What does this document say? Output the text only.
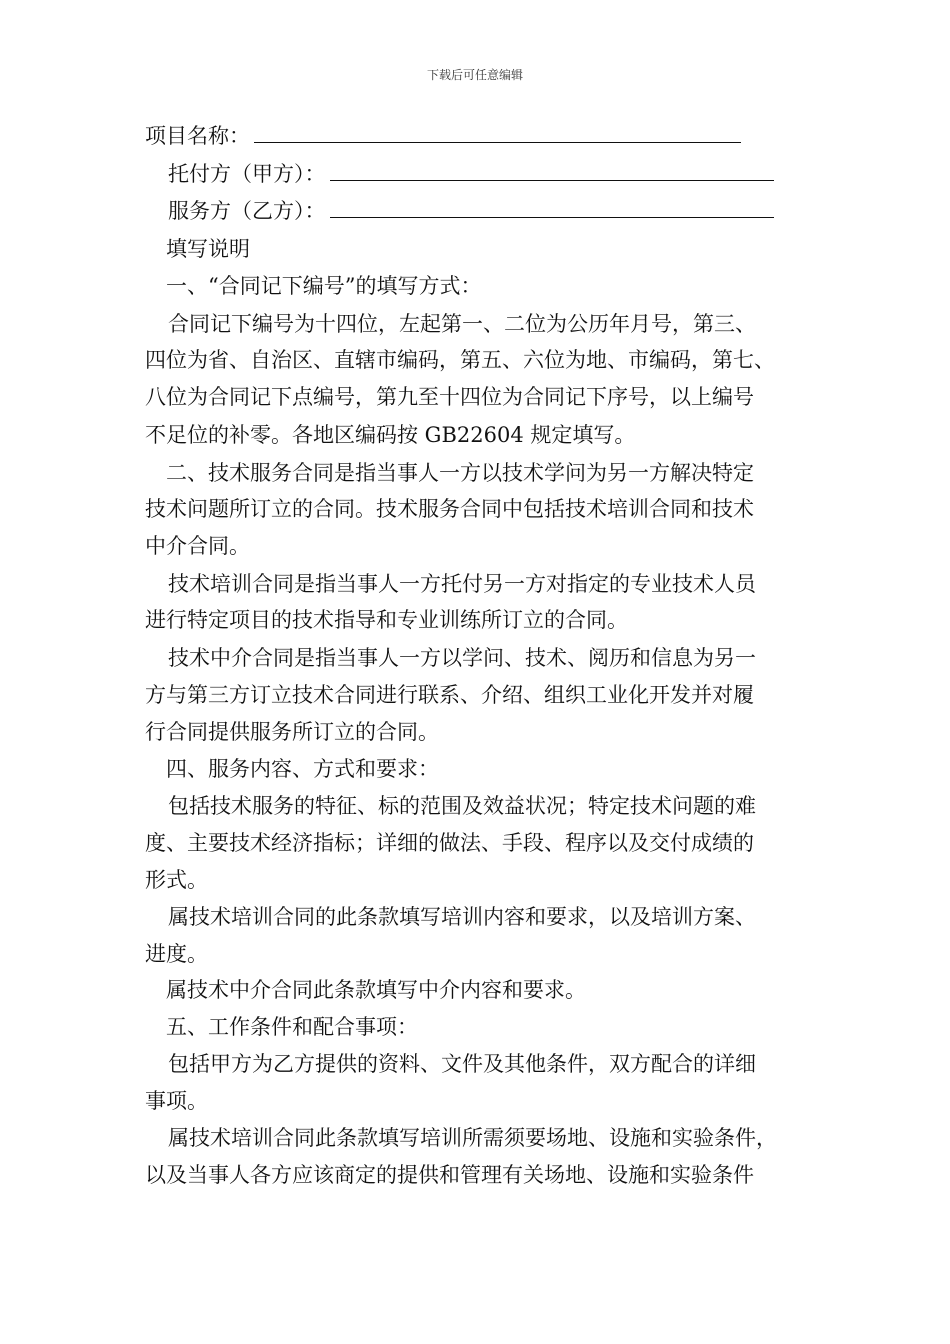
下载后可任意编辑
项目名称：
托付方（甲方）：
服务方（乙方）：
填写说明
一、“合同记下编号”的填写方式：
合同记下编号为十四位，左起第一、二位为公历年月号，第三、
四位为省、自治区、直辖市编码，第五、六位为地、市编码，第七、
八位为合同记下点编号，第九至十四位为合同记下序号，以上编号
不足位的补零。各地区编码按 GB22604 规定填写。
二、技术服务合同是指当事人一方以技术学问为另一方解决特定
技术问题所订立的合同。技术服务合同中包括技术培训合同和技术
中介合同。
技术培训合同是指当事人一方托付另一方对指定的专业技术人员
进行特定项目的技术指导和专业训练所订立的合同。
技术中介合同是指当事人一方以学问、技术、阅历和信息为另一
方与第三方订立技术合同进行联系、介绍、组织工业化开发并对履
行合同提供服务所订立的合同。
四、服务内容、方式和要求：
包括技术服务的特征、标的范围及效益状况；特定技术问题的难
度、主要技术经济指标；详细的做法、手段、程序以及交付成绩的
形式。
属技术培训合同的此条款填写培训内容和要求，以及培训方案、
进度。
属技术中介合同此条款填写中介内容和要求。
五、工作条件和配合事项：
包括甲方为乙方提供的资料、文件及其他条件，双方配合的详细
事项。
属技术培训合同此条款填写培训所需须要场地、设施和实验条件，
以及当事人各方应该商定的提供和管理有关场地、设施和实验条件
